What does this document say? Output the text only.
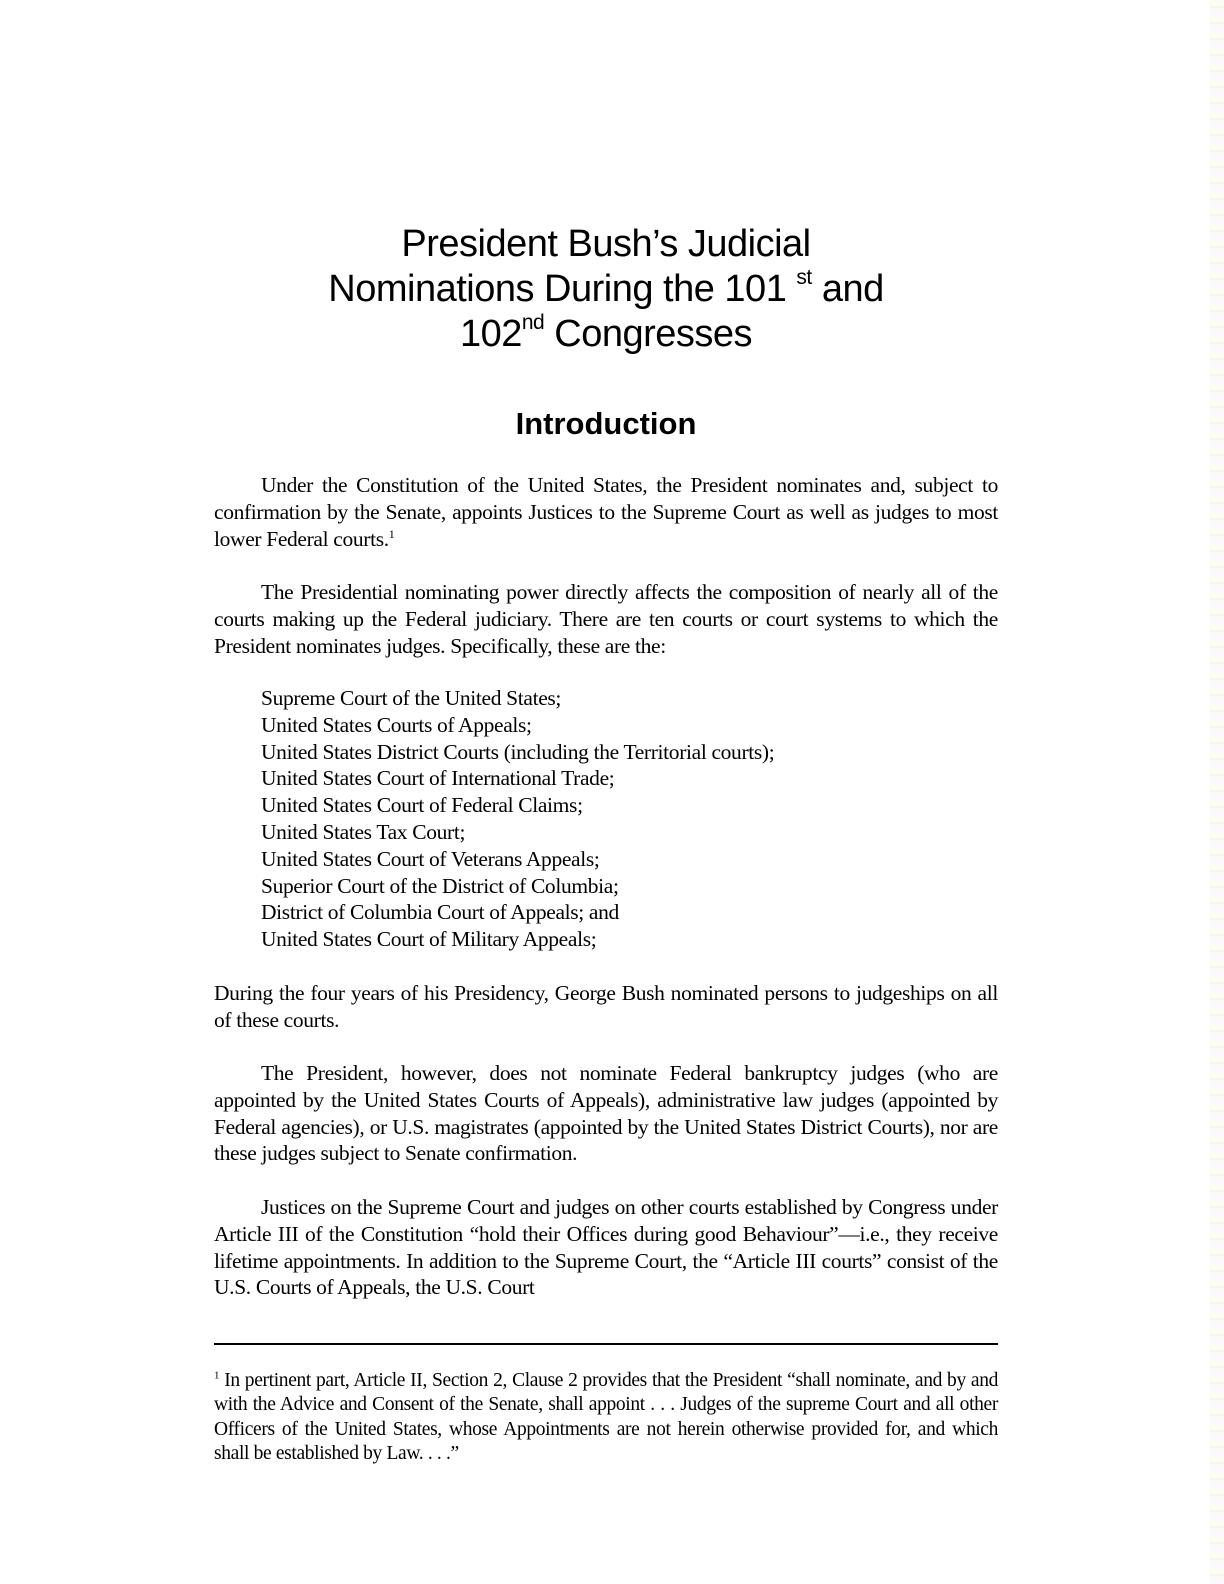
President Bush’s Judicial
Nominations During the 101 $^{st}$ and
102nd Congresses
Introduction

Under the Constitution of the United States, the President nominates and, subject to confirmation by the Senate, appoints Justices to the Supreme Court as well as judges to most lower Federal courts.$^1$

The Presidential nominating power directly affects the composition of nearly all of the courts making up the Federal judiciary. There are ten courts or court systems to which the President nominates judges. Specifically, these are the:

Supreme Court of the United States;
United States Courts of Appeals;
United States District Courts (including the Territorial courts);
United States Court of International Trade;
United States Court of Federal Claims;
United States Tax Court;
United States Court of Veterans Appeals;
Superior Court of the District of Columbia;
District of Columbia Court of Appeals; and
United States Court of Military Appeals;

During the four years of his Presidency, George Bush nominated persons to judgeships on all of these courts.

The President, however, does not nominate Federal bankruptcy judges (who are appointed by the United States Courts of Appeals), administrative law judges (appointed by Federal agencies), or U.S. magistrates (appointed by the United States District Courts), nor are these judges subject to Senate confirmation.

Justices on the Supreme Court and judges on other courts established by Congress under Article III of the Constitution “hold their Offices during good Behaviour”—i.e., they receive lifetime appointments. In addition to the Supreme Court, the “Article III courts” consist of the U.S. Courts of Appeals, the U.S. Court

$^1$ In pertinent part, Article II, Section 2, Clause 2 provides that the President “shall nominate, and by and with the Advice and Consent of the Senate, shall appoint . . . Judges of the supreme Court and all other Officers of the United States, whose Appointments are not herein otherwise provided for, and which shall be established by Law. . . .”
